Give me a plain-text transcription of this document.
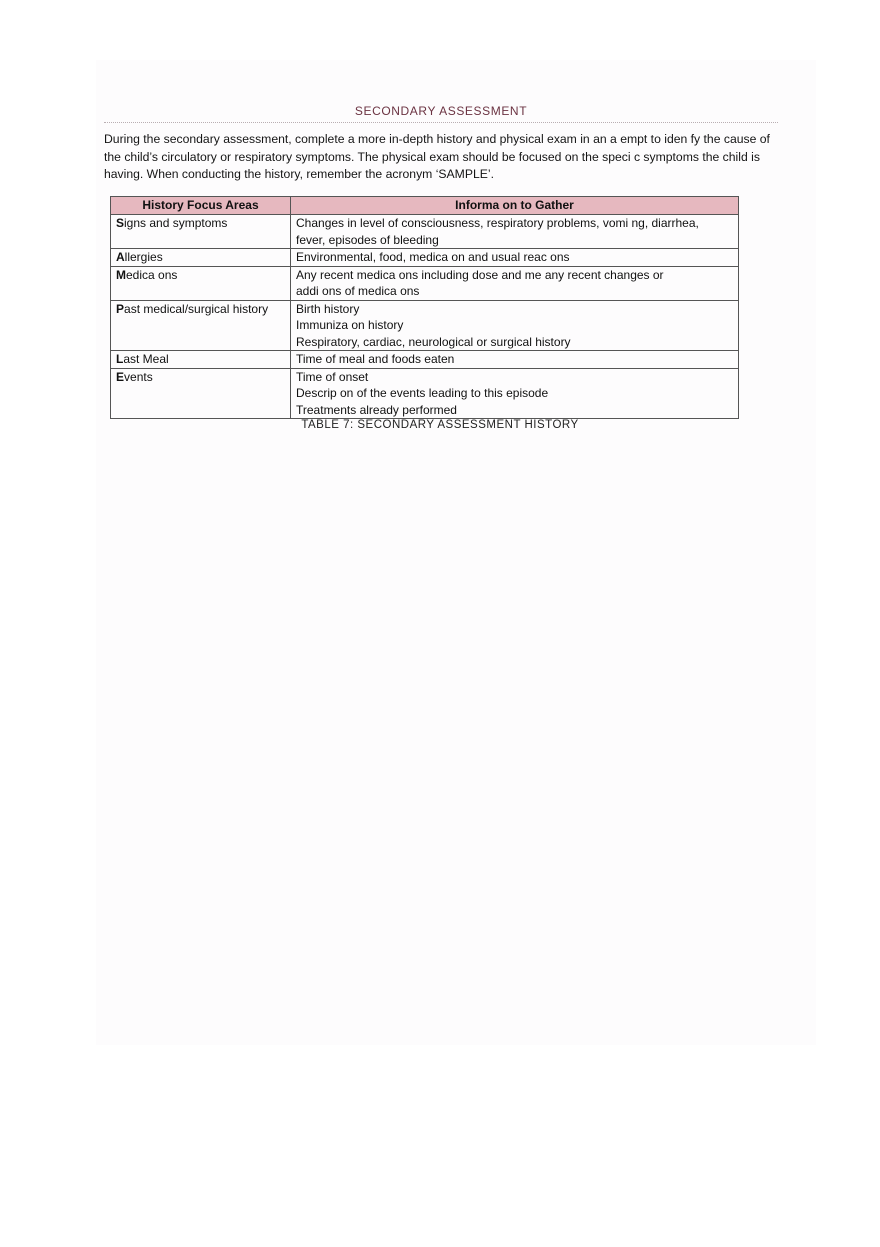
SECONDARY ASSESSMENT
During the secondary assessment, complete a more in-depth history and physical exam in an a empt to iden fy the cause of the child’s circulatory or respiratory symptoms. The physical exam should be focused on the speci c symptoms the child is having. When conducting the history, remember the acronym ‘SAMPLE’.
History Focus Areas	Informa on to Gather
Signs and symptoms	Changes in level of consciousness, respiratory problems, vomi ng, diarrhea,
fever, episodes of bleeding

Allergies	Environmental, food, medica on and usual reac ons

Medica ons	Any recent medica ons including dose and me any recent changes or
addi ons of medica ons

Past medical/surgical history	Birth history
Immuniza on history
Respiratory, cardiac, neurological or surgical history

Last Meal	Time of meal and foods eaten

Events	Time of onset
Descrip on of the events leading to this episode
Treatments already performed
TABLE 7: SECONDARY ASSESSMENT HISTORY
